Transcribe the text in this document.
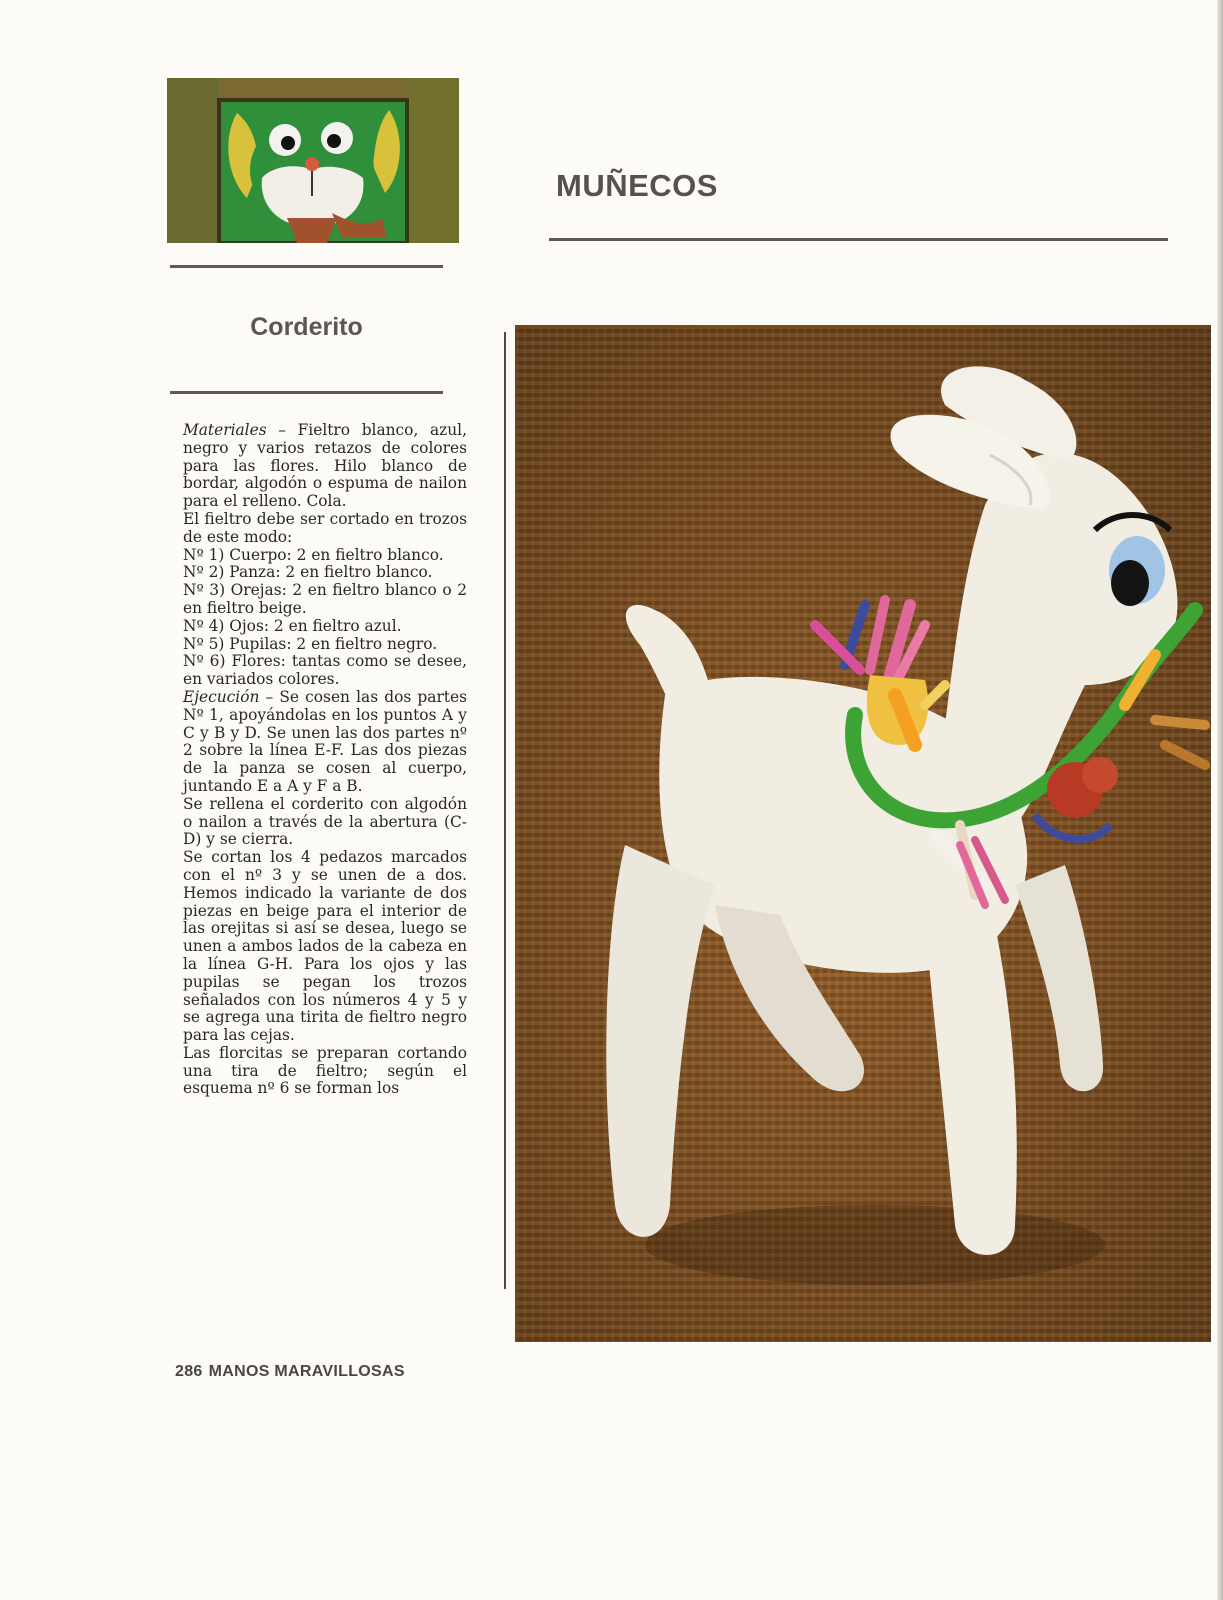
MUÑECOS
Corderito

Materiales – Fieltro blanco, azul, negro y varios retazos de colores para las flores. Hilo blanco de bordar, algodón o espuma de nailon para el relleno. Cola.

El fieltro debe ser cortado en trozos de este modo:

Nº 1) Cuerpo: 2 en fieltro blanco.

Nº 2) Panza: 2 en fieltro blanco.

Nº 3) Orejas: 2 en fieltro blanco o 2 en fieltro beige.

Nº 4) Ojos: 2 en fieltro azul.

Nº 5) Pupilas: 2 en fieltro negro.

Nº 6) Flores: tantas como se desee, en variados colores.

Ejecución – Se cosen las dos partes Nº 1, apoyándolas en los puntos A y C y B y D. Se unen las dos partes nº 2 sobre la línea E-F. Las dos piezas de la panza se cosen al cuerpo, juntando E a A y F a B.

Se rellena el corderito con algodón o nailon a través de la abertura (C-D) y se cierra.

Se cortan los 4 pedazos marcados con el nº 3 y se unen de a dos. Hemos indicado la variante de dos piezas en beige para el interior de las orejitas si así se desea, luego se unen a ambos lados de la cabeza en la línea G-H. Para los ojos y las pupilas se pegan los trozos señalados con los números 4 y 5 y se agrega una tirita de fieltro negro para las cejas.

Las florcitas se preparan cortando una tira de fieltro; según el esquema nº 6 se forman los

286 MANOS MARAVILLOSAS
